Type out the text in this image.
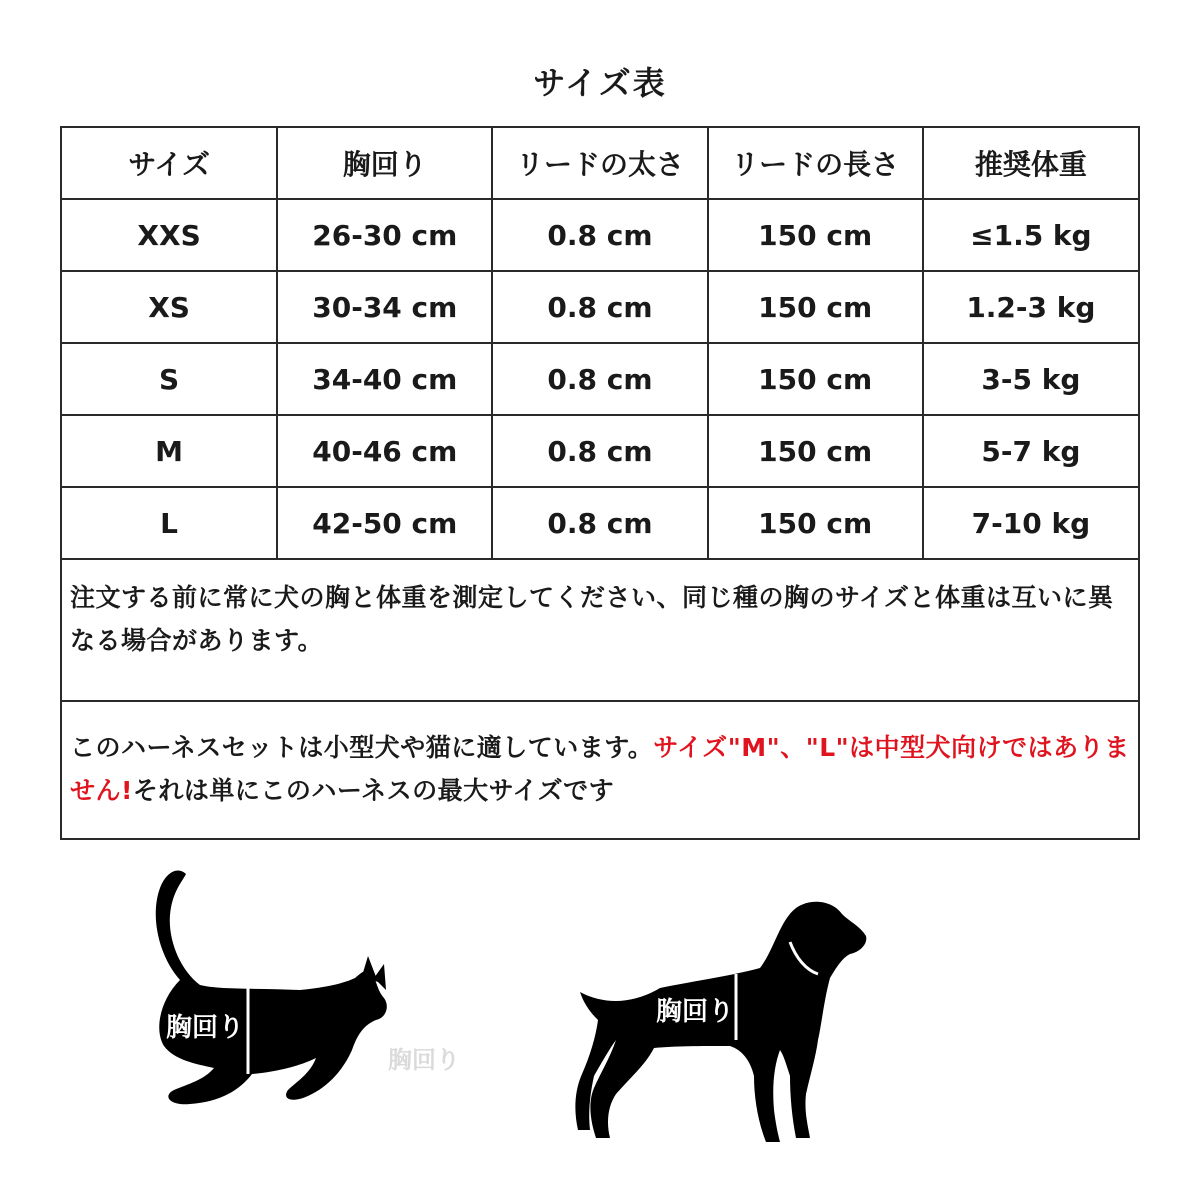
サイズ表
サイズ	胸回り	リードの太さ	リードの長さ	推奨体重
XXS	26-30 cm	0.8 cm	150 cm	≤1.5 kg
XS	30-34 cm	0.8 cm	150 cm	1.2-3 kg
S	34-40 cm	0.8 cm	150 cm	3-5 kg
M	40-46 cm	0.8 cm	150 cm	5-7 kg
L	42-50 cm	0.8 cm	150 cm	7-10 kg
注文する前に常に犬の胸と体重を測定してください、同じ種の胸のサイズと体重は互いに異なる場合があります。
このハーネスセットは小型犬や猫に適しています。サイズ"M"、"L"は中型犬向けではありません!それは単にこのハーネスの最大サイズです
胸回り
胸回り
胸回り
